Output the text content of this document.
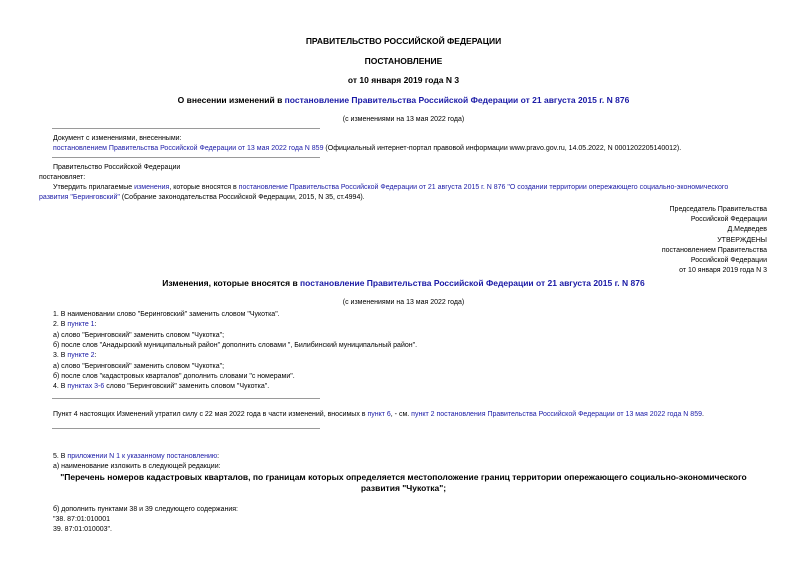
ПРАВИТЕЛЬСТВО РОССИЙСКОЙ ФЕДЕРАЦИИ
ПОСТАНОВЛЕНИЕ
от 10 января 2019 года N 3
О внесении изменений в постановление Правительства Российской Федерации от 21 августа 2015 г. N 876
(с изменениями на 13 мая 2022 года)
Документ с изменениями, внесенными:
постановлением Правительства Российской Федерации от 13 мая 2022 года N 859 (Официальный интернет-портал правовой информации www.pravo.gov.ru, 14.05.2022, N 0001202205140012).
Правительство Российской Федерации
постановляет:
Утвердить прилагаемые изменения, которые вносятся в постановление Правительства Российской Федерации от 21 августа 2015 г. N 876 "О создании территории опережающего социально-экономического
развития "Беринговский" (Собрание законодательства Российской Федерации, 2015, N 35, ст.4994).
Председатель Правительства
Российской Федерации
Д.Медведев
УТВЕРЖДЕНЫ
постановлением Правительства
Российской Федерации
от 10 января 2019 года N 3
Изменения, которые вносятся в постановление Правительства Российской Федерации от 21 августа 2015 г. N 876
(с изменениями на 13 мая 2022 года)
1. В наименовании слово "Беринговский" заменить словом "Чукотка".
2. В пункте 1:
а) слово "Беринговский" заменить словом "Чукотка";
б) после слов "Анадырский муниципальный район" дополнить словами ", Билибинский муниципальный район".
3. В пункте 2:
а) слово "Беринговский" заменить словом "Чукотка";
б) после слов "кадастровых кварталов" дополнить словами "с номерами".
4. В пунктах 3-6 слово "Беринговский" заменить словом "Чукотка".
Пункт 4 настоящих Изменений утратил силу с 22 мая 2022 года в части изменений, вносимых в пункт 6, - см. пункт 2 постановления Правительства Российской Федерации от 13 мая 2022 года N 859.
5. В приложении N 1 к указанному постановлению:
а) наименование изложить в следующей редакции:
"Перечень номеров кадастровых кварталов, по границам которых определяется местоположение границ территории опережающего социально-экономического
развития "Чукотка";
б) дополнить пунктами 38 и 39 следующего содержания:
"38. 87:01:010001
39. 87:01:010003".
